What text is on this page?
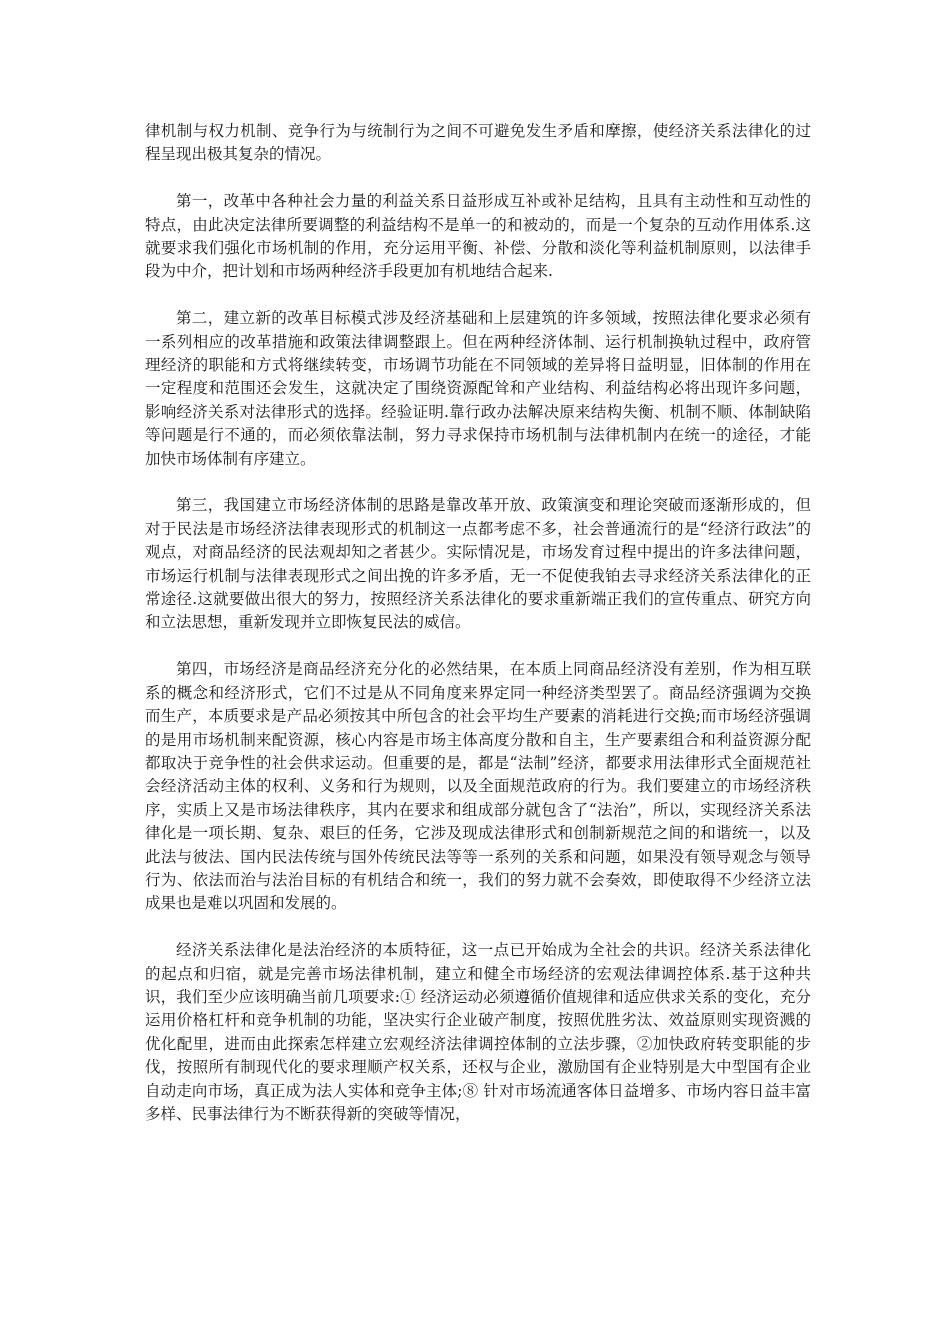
律机制与权力机制、竞争行为与统制行为之间不可避免发生矛盾和摩擦，使经济关系法律化的过程呈现出极其复杂的情况。

第一，改革中各种社会力量的利益关系日益形成互补或补足结构，且具有主动性和互动性的特点，由此决定法律所要调整的利益结构不是单一的和被动的，而是一个复杂的互动作用体系.这就要求我们强化市场机制的作用，充分运用平衡、补偿、分散和淡化等利益机制原则，以法律手段为中介，把计划和市场两种经济手段更加有机地结合起来.

第二，建立新的改革目标模式涉及经济基础和上层建筑的许多领域，按照法律化要求必须有一系列相应的改革措施和政策法律调整跟上。但在两种经济体制、运行机制换轨过程中，政府管理经济的职能和方式将继续转变，市场调节功能在不同领域的差异将日益明显，旧体制的作用在一定程度和范围还会发生，这就决定了围绕资源配耸和产业结构、利益结构必将出现许多问题，影响经济关系对法律形式的选择。经验证明.靠行政办法解决原来结构失衡、机制不顺、体制缺陷等问题是行不通的，而必须依靠法制，努力寻求保持市场机制与法律机制内在统一的途径，才能加快市场体制有序建立。

第三，我国建立市场经济体制的思路是靠改革开放、政策演变和理论突破而逐渐形成的，但对于民法是市场经济法律表现形式的机制这一点都考虑不多，社会普通流行的是“经济行政法”的观点，对商品经济的民法观却知之者甚少。实际情况是，市场发育过程中提出的许多法律问题，市场运行机制与法律表现形式之间出挽的许多矛盾，无一不促使我铂去寻求经济关系法律化的正常途径.这就要做出很大的努力，按照经济关系法律化的要求重新端正我们的宣传重点、研究方向和立法思想，重新发现并立即恢复民法的威信。

第四，市场经济是商品经济充分化的必然结果，在本质上同商品经济没有差别，作为相互联系的概念和经济形式，它们不过是从不同角度来界定同一种经济类型罢了。商品经济强调为交换而生产，本质要求是产品必须按其中所包含的社会平均生产要素的消耗进行交换;而市场经济强调的是用市场机制来配资源，核心内容是市场主体高度分散和自主，生产要素组合和利益资源分配都取决于竞争性的社会供求运动。但重要的是，都是“法制”经济，都要求用法律形式全面规范社会经济活动主体的权利、义务和行为规则，以及全面规范政府的行为。我们要建立的市场经济秩序，实质上又是市场法律秩序，其内在要求和组成部分就包含了“法治”，所以，实现经济关系法律化是一项长期、复杂、艰巨的任务，它涉及现成法律形式和创制新规范之间的和谐统一，以及此法与彼法、国内民法传统与国外传统民法等等一系列的关系和问题，如果没有领导观念与领导行为、依法而治与法治目标的有机结合和统一，我们的努力就不会奏效，即使取得不少经济立法成果也是难以巩固和发展的。

经济关系法律化是法治经济的本质特征，这一点已开始成为全社会的共识。经济关系法律化的起点和归宿，就是完善市场法律机制，建立和健全市场经济的宏观法律调控体系.基于这种共识，我们至少应该明确当前几项要求:① 经济运动必须遵循价值规律和适应供求关系的变化，充分运用价格杠杆和竞争机制的功能，坚决实行企业破产制度，按照优胜劣汰、效益原则实现资溅的优化配里，进而由此探索怎样建立宏观经济法律调控体制的立法步骤，②加快政府转变职能的步伐，按照所有制现代化的要求理顺产权关系，还权与企业，激励国有企业特别是大中型国有企业自动走向市场，真正成为法人实体和竞争主体;⑧ 针对市场流通客体日益增多、市场内容日益丰富多样、民事法律行为不断获得新的突破等情况，
